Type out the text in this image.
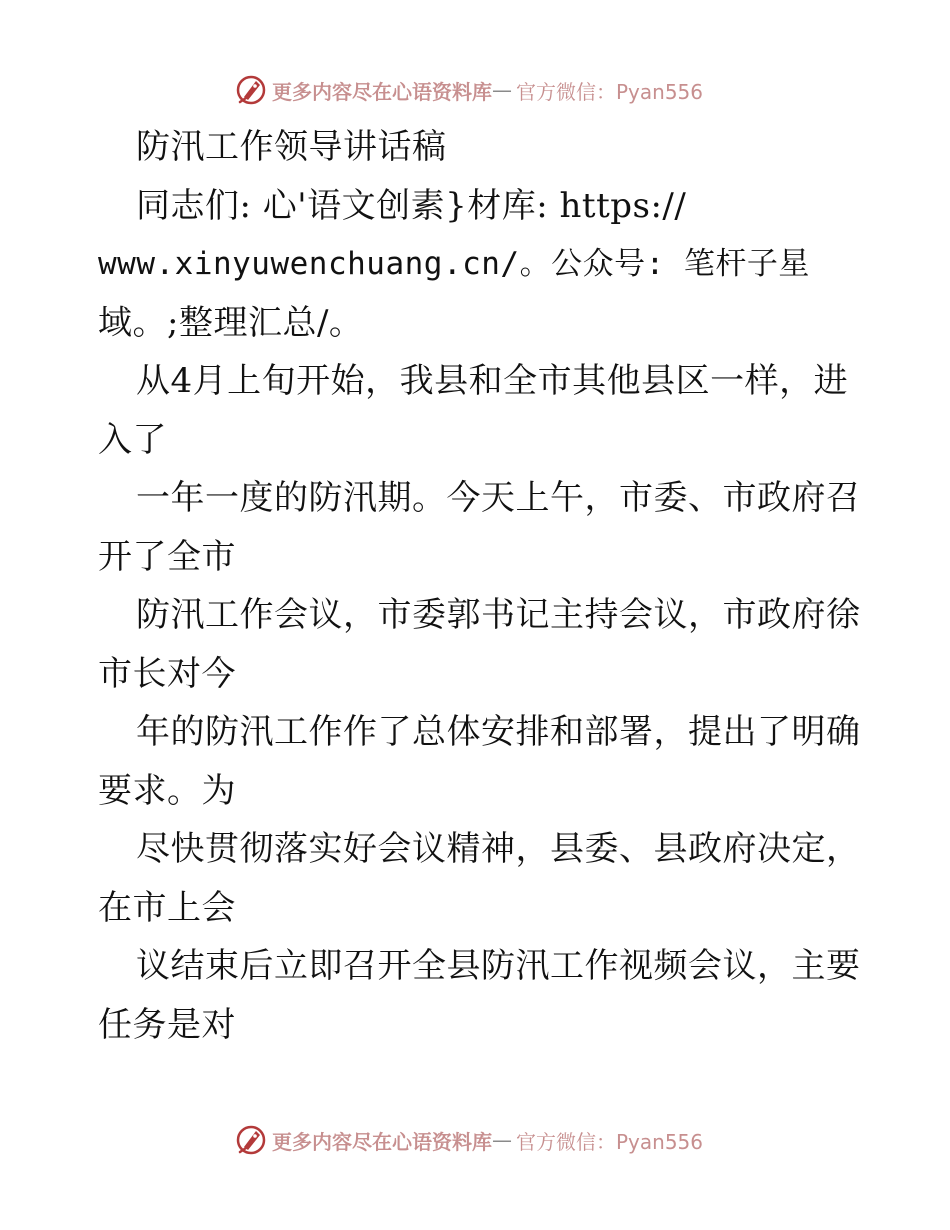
更多内容尽在心语资料库 — 官方微信：Pyan556
防汛工作领导讲话稿
同志们: 心'语文创素}材库: https://
www.xinyuwenchuang.cn/。公众号: 笔杆子星
域。;整理汇总/。
从4月上旬开始，我县和全市其他县区一样，进
入了
一年一度的防汛期。今天上午，市委、市政府召
开了全市
防汛工作会议，市委郭书记主持会议，市政府徐
市长对今
年的防汛工作作了总体安排和部署，提出了明确
要求。为
尽快贯彻落实好会议精神，县委、县政府决定，
在市上会
议结束后立即召开全县防汛工作视频会议，主要
任务是对
更多内容尽在心语资料库 — 官方微信：Pyan556
